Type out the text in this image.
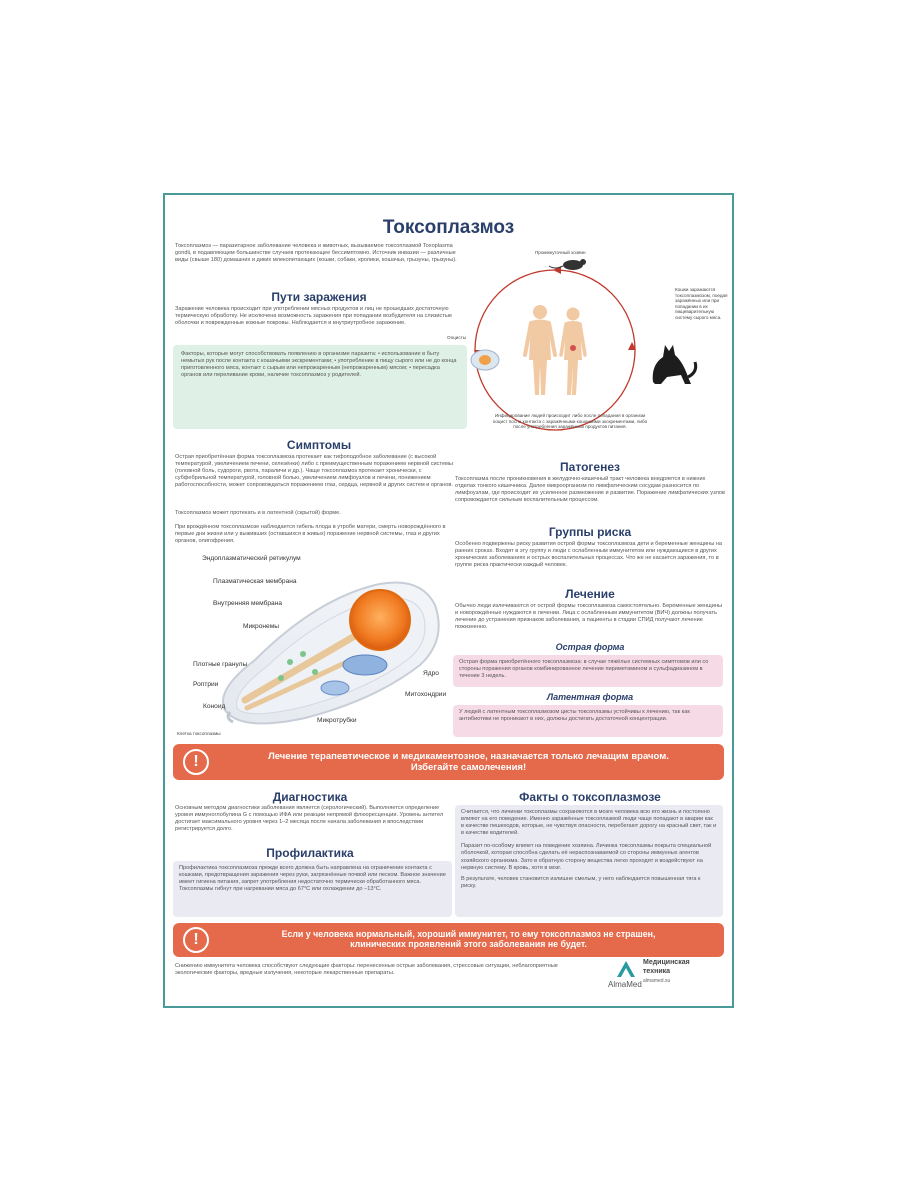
Токсоплазмоз
Токсоплазмоз — паразитарное заболевание человека и животных, вызываемое токсоплазмой Toxoplasma gondii, в подавляющем большинстве случаев протекающее бессимптомно. Источник инвазии — различные виды (свыше 180) домашних и диких млекопитающих (кошки, собаки, кролики, кошачьи, грызуны, грызуны).
Пути заражения
Заражение человека происходит при употреблении мясных продуктов и лиц не прошедших достаточную термическую обработку. Не исключена возможность заражения при попадании возбудителя на слизистые оболочки и поврежденные кожные покровы. Наблюдается и внутриутробное заражение.
Факторы, которые могут способствовать появлению в организме паразита: • использование в быту немытых рук после контакта с кошачьими экскрементами; • употребление в пищу сырого или не до конца приготовленного мяса, контакт с сырым или непрожаренным (непрожаренным) мясом; • пересадка органов или переливание крови, наличие токсоплазмоз у родителей.
Симптомы
Острая приобретённая форма токсоплазмоза протекает как тифоподобное заболевание (с высокой температурой, увеличением печени, селезёнки) либо с преимущественным поражением нервной системы (головной боль, судороги, рвота, параличи и др.). Чаще токсоплазмоз протекает хронически, с субфебрильной температурой, головной болью, увеличением лимфоузлов и печени, понижением работоспособности, может сопровождаться поражением глаз, сердца, нервной и других систем и органов.
Токсоплазмоз может протекать и в латентной (скрытой) форме.
При врождённом токсоплазмозе наблюдается гибель плода в утробе матери, смерть новорождённого в первые дни жизни или у выживших (оставшихся в живых) поражение нервной системы, глаз и других органов, олигофрения.
Эндоплазматический ретикулум
Плазматическая мембрана
Внутренняя мембрана
Микронемы
Плотные гранулы
Роптрии
Коноид
Микротрубки
Митохондрии
Ядро
Клетка токсоплазмы
Промежуточный хозяин
Ооцисты
Кошки заражаются токсоплазмозом, поедая заражённых или при попадании в их пищеварительную систему сырого мяса.
Инфицирование людей происходит либо после попадания в организм ооцист после контакта с заражёнными кошачьими экскрементами, либо после употребления заражённых продуктов питания.
Патогенез
Токсоплазма после проникновения в желудочно-кишечный тракт человека внедряется в нижних отделах тонкого кишечника. Далее микроорганизм по лимфатическим сосудам разносится по лимфоузлам, где происходит их усиленное размножение и развитие. Поражение лимфатических узлов сопровождается сильным воспалительным процессом.
Группы риска
Особенно подвержены риску развития острой формы токсоплазмоза дети и беременные женщины на ранних сроках. Входят в эту группу и люди с ослабленным иммунитетом или нуждающиеся в других хронических заболеваниях и острых воспалительных процессах. Что же не касается заражения, то в группе риска практически каждый человек.
Лечение
Обычно люди излечиваются от острой формы токсоплазмоза самостоятельно. Беременные женщины и новорождённые нуждаются в лечении. Лица с ослабленным иммунитетом (ВИЧ) должны получать лечение до устранения признаков заболевания, а пациенты в стадии СПИД получают лечение пожизненно.
Острая форма
Острая форма приобретённого токсоплазмоза: в случае тяжёлых системных симптомов или со стороны поражения органов комбинированное лечение пириметамином и сульфадиазином в течение 3 недель.
Латентная форма
У людей с латентным токсоплазмозом цисты токсоплазмы устойчивы к лечению, так как антибиотики не проникают в них, должны достигать достаточной концентрации.
!	Лечение терапевтическое и медикаментозное, назначается только лечащим врачом.
Избегайте самолечения!
Диагностика
Основным методом диагностики заболевания является (серологический). Выполняется определение уровня иммуноглобулина G с помощью ИФА или реакции непрямой флюоресценции. Уровень антител достигает максимального уровня через 1–2 месяца после начала заболевания и впоследствии регистрируется долго.
Профилактика
Профилактика токсоплазмоза прежде всего должна быть направлена на ограничение контакта с кошками, предотвращения заражения через руки, загрязнённые почвой или песком. Важное значение имеет гигиена питания, запрет употребления недостаточно термически обработанного мяса. Токсоплазмы гибнут при нагревании мяса до 67°С или охлаждении до −13°С.
Факты о токсоплазмозе
Считается, что личинки токсоплазмы сохраняются в мозге человека всю его жизнь и постоянно влияют на его поведение. Именно заражённые токсоплазмой люди чаще попадают в аварии как в качестве пешеходов, которые, не чувствуя опасности, перебегают дорогу на красный свет, так и в качестве водителей.
Паразит по-особому влияет на поведение хозяина. Личинка токсоплазмы покрыта специальной оболочкой, которая способна сделать её нераспознаваемой со стороны иммунных агентов хозяйского организма. Зато в обратную сторону вещества легко проходят и воздействуют на нервную систему. В кровь, хотя в мозг.
В результате, человек становится излишне смелым, у него наблюдается повышенная тяга к риску.
!	Если у человека нормальный, хороший иммунитет, то ему токсоплазмоз не страшен,
клинических проявлений этого заболевания не будет.
Снижению иммунитета человека способствуют следующие факторы: перенесенные острые заболевания, стрессовые ситуации, неблагоприятные экологические факторы, вредные излучения, некоторые лекарственные препараты.
AlmaMed
Медицинская
техника
almamed.su
